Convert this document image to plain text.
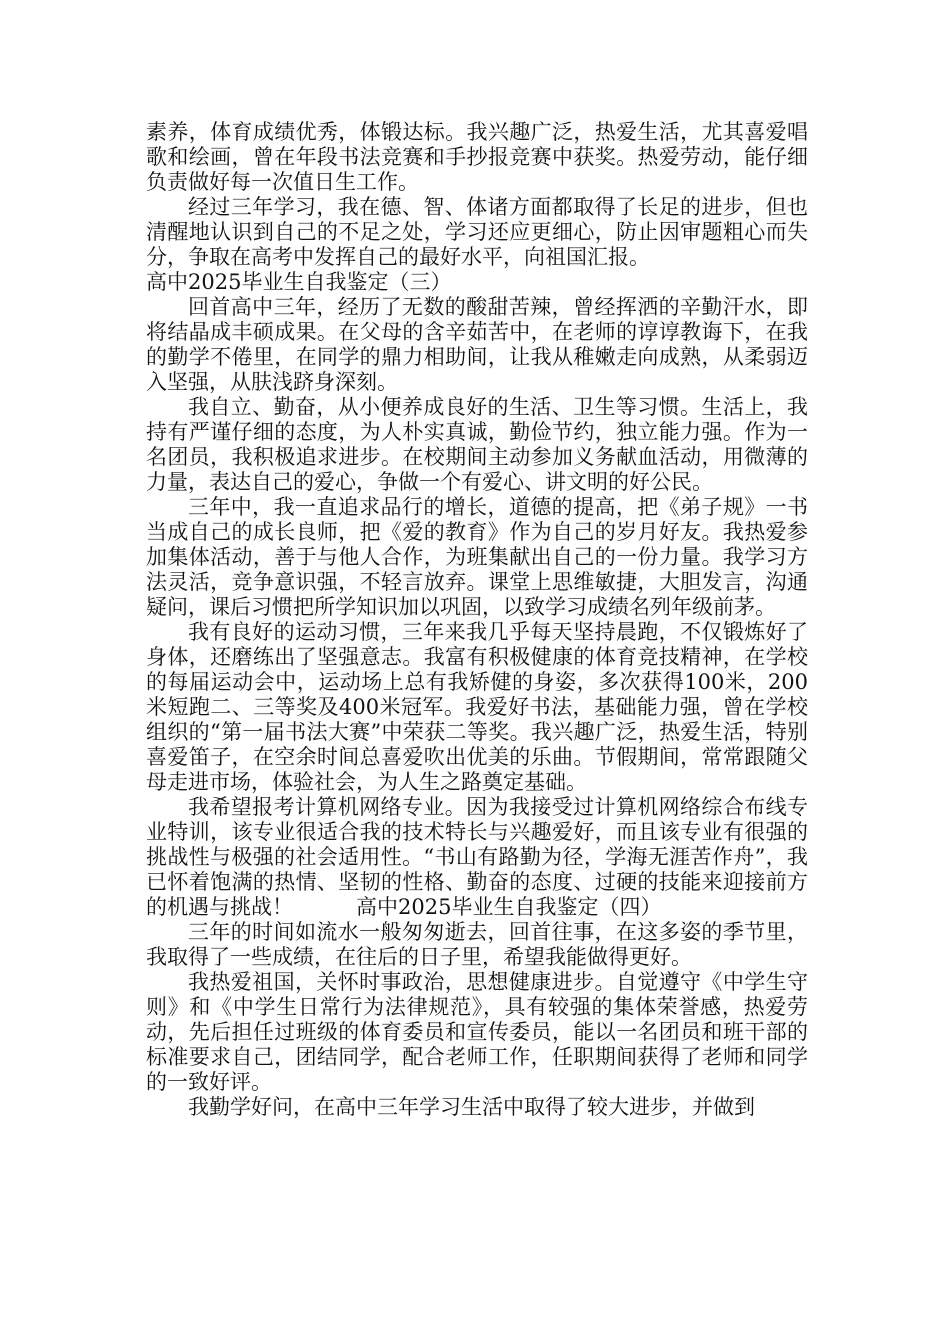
素养，体育成绩优秀，体锻达标。我兴趣广泛，热爱生活，尤其喜爱唱歌和绘画，曾在年段书法竞赛和手抄报竞赛中获奖。热爱劳动，能仔细负责做好每一次值日生工作。

经过三年学习，我在德、智、体诸方面都取得了长足的进步，但也清醒地认识到自己的不足之处，学习还应更细心，防止因审题粗心而失分，争取在高考中发挥自己的最好水平，向祖国汇报。

高中2025毕业生自我鉴定（三）

回首高中三年，经历了无数的酸甜苦辣，曾经挥洒的辛勤汗水，即将结晶成丰硕成果。在父母的含辛茹苦中，在老师的谆谆教诲下，在我的勤学不倦里，在同学的鼎力相助间，让我从稚嫩走向成熟，从柔弱迈入坚强，从肤浅跻身深刻。

我自立、勤奋，从小便养成良好的生活、卫生等习惯。生活上，我持有严谨仔细的态度，为人朴实真诚，勤俭节约，独立能力强。作为一名团员，我积极追求进步。在校期间主动参加义务献血活动，用微薄的力量，表达自己的爱心，争做一个有爱心、讲文明的好公民。

三年中，我一直追求品行的增长，道德的提高，把《弟子规》一书当成自己的成长良师，把《爱的教育》作为自己的岁月好友。我热爱参加集体活动，善于与他人合作，为班集献出自己的一份力量。我学习方法灵活，竞争意识强，不轻言放弃。课堂上思维敏捷，大胆发言，沟通疑问，课后习惯把所学知识加以巩固，以致学习成绩名列年级前茅。

我有良好的运动习惯，三年来我几乎每天坚持晨跑，不仅锻炼好了身体，还磨练出了坚强意志。我富有积极健康的体育竞技精神，在学校的每届运动会中，运动场上总有我矫健的身姿，多次获得100米，200米短跑二、三等奖及400米冠军。我爱好书法，基础能力强，曾在学校组织的“第一届书法大赛”中荣获二等奖。我兴趣广泛，热爱生活，特别喜爱笛子，在空余时间总喜爱吹出优美的乐曲。节假期间，常常跟随父母走进市场，体验社会，为人生之路奠定基础。

我希望报考计算机网络专业。因为我接受过计算机网络综合布线专业特训，该专业很适合我的技术特长与兴趣爱好，而且该专业有很强的挑战性与极强的社会适用性。“书山有路勤为径，学海无涯苦作舟”，我已怀着饱满的热情、坚韧的性格、勤奋的态度、过硬的技能来迎接前方的机遇与挑战！　　　高中2025毕业生自我鉴定（四）

三年的时间如流水一般匆匆逝去，回首往事，在这多姿的季节里，我取得了一些成绩，在往后的日子里，希望我能做得更好。

我热爱祖国，关怀时事政治，思想健康进步。自觉遵守《中学生守则》和《中学生日常行为法律规范》，具有较强的集体荣誉感，热爱劳动，先后担任过班级的体育委员和宣传委员，能以一名团员和班干部的标准要求自己，团结同学，配合老师工作，任职期间获得了老师和同学的一致好评。

我勤学好问，在高中三年学习生活中取得了较大进步，并做到
